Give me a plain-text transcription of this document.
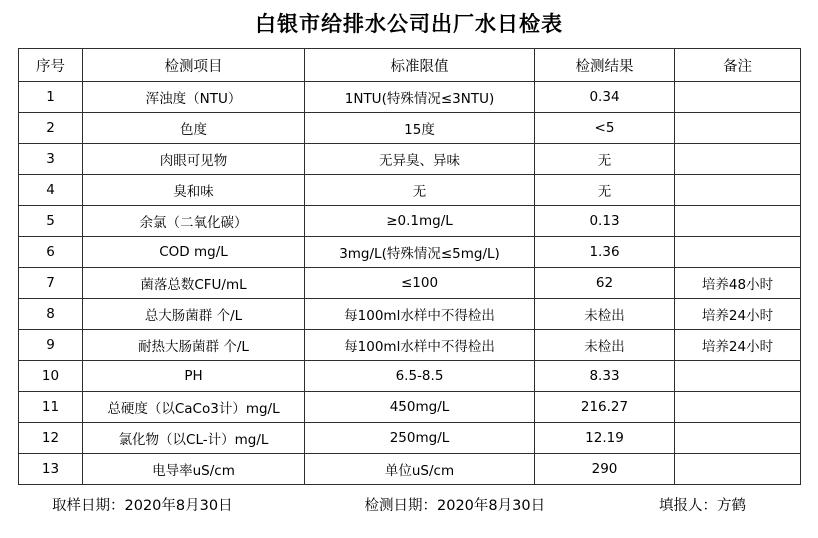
白银市给排水公司出厂水日检表
序号	检测项目	标准限值	检测结果	备注
1	浑浊度（NTU）	1NTU(特殊情况≤3NTU)	0.34	
2	色度	15度	<5	
3	肉眼可见物	无异臭、异味	无	
4	臭和味	无	无	
5	余氯（二氧化碳）	≥0.1mg/L	0.13	
6	COD mg/L	3mg/L(特殊情况≤5mg/L)	1.36	
7	菌落总数CFU/mL	≤100	62	培养48小时
8	总大肠菌群 个/L	每100ml水样中不得检出	未检出	培养24小时
9	耐热大肠菌群 个/L	每100ml水样中不得检出	未检出	培养24小时
10	PH	6.5-8.5	8.33	
11	总硬度（以CaCo3计）mg/L	450mg/L	216.27	
12	氯化物（以CL-计）mg/L	250mg/L	12.19	
13	电导率uS/cm	单位uS/cm	290	
取样日期：2020年8月30日	检测日期：2020年8月30日	填报人：方鹤
